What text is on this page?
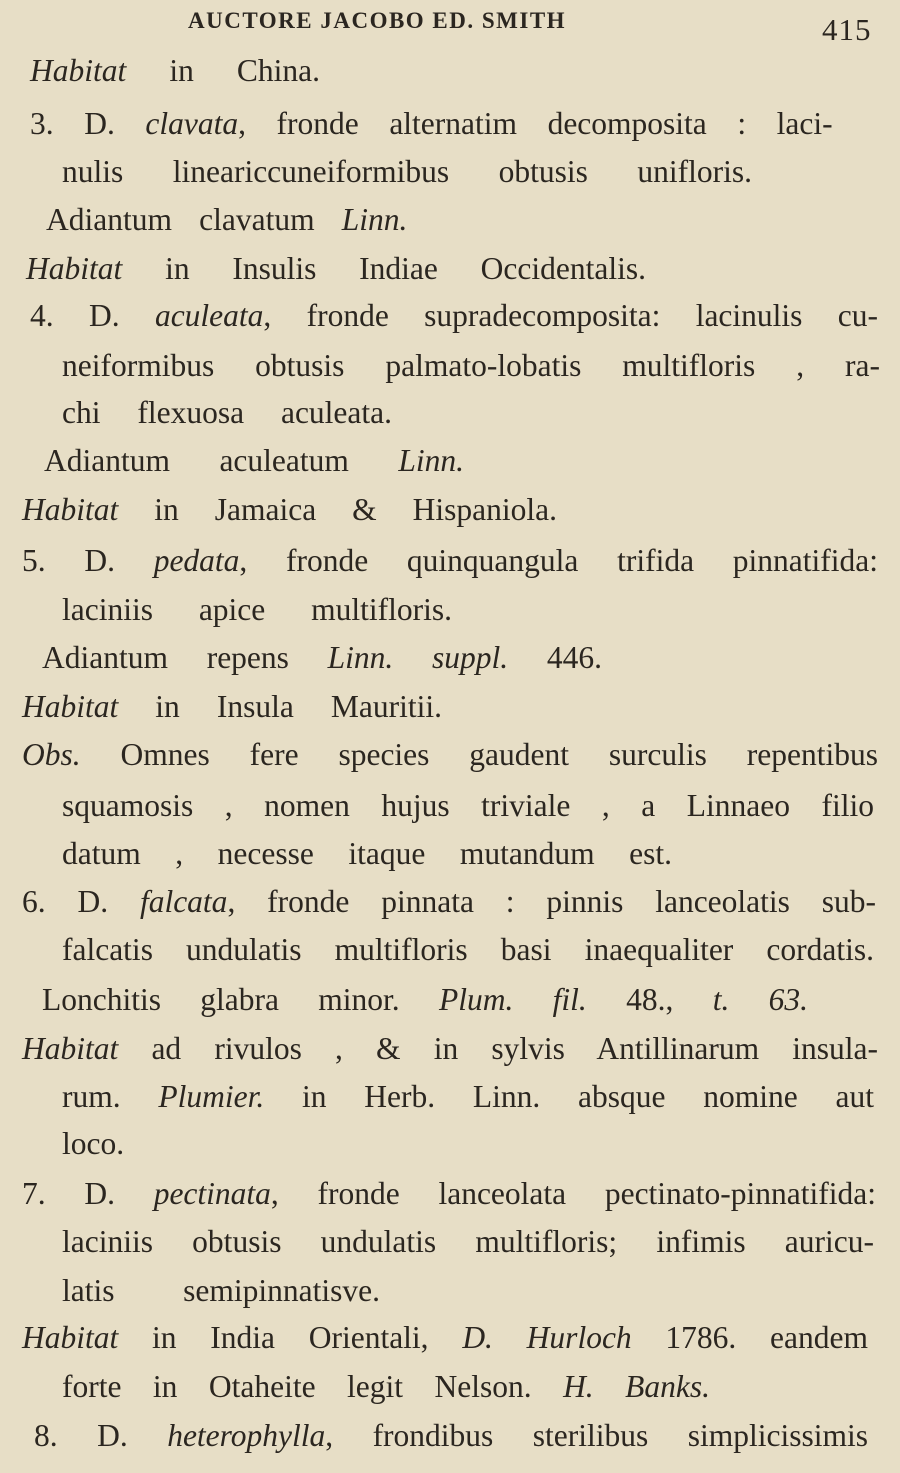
AUCTORE JACOBO ED. SMITH	415
Habitat in China.
3. D. clavata, fronde alternatim decomposita : laci-
nulis lineariccuneiformibus obtusis unifloris.
Adiantum clavatum Linn.
Habitat in Insulis Indiae Occidentalis.
4. D. aculeata, fronde supradecomposita: lacinulis cu-
neiformibus obtusis palmato-lobatis multifloris , ra-
chi flexuosa aculeata.
Adiantum aculeatum Linn.
Habitat in Jamaica & Hispaniola.
5. D. pedata, fronde quinquangula trifida pinnatifida:
laciniis apice multifloris.
Adiantum repens Linn. suppl. 446.
Habitat in Insula Mauritii.
Obs. Omnes fere species gaudent surculis repentibus
squamosis , nomen hujus triviale , a Linnaeo filio
datum , necesse itaque mutandum est.
6. D. falcata, fronde pinnata : pinnis lanceolatis sub-
falcatis undulatis multifloris basi inaequaliter cordatis.
Lonchitis glabra minor. Plum. fil. 48., t. 63.
Habitat ad rivulos , & in sylvis Antillinarum insula-
rum. Plumier. in Herb. Linn. absque nomine aut
loco.
7. D. pectinata, fronde lanceolata pectinato-pinnatifida:
laciniis obtusis undulatis multifloris; infimis auricu-
latis semipinnatisve.
Habitat in India Orientali, D. Hurloch 1786. eandem
forte in Otaheite legit Nelson. H. Banks.
8. D. heterophylla, frondibus sterilibus simplicissimis
